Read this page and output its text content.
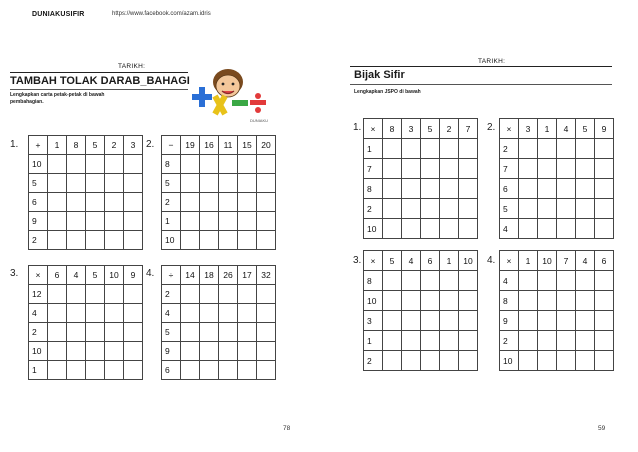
DUNIAKUSIFIR	https://www.facebook.com/azam.idris
TARIKH:
TAMBAH TOLAK DARAB_BAHAGI
Lengkapkan carta petak-petak di bawah
pembahagian.
DUNIAKU
1. +	1	8	5	2	3
10					
5					
6					
9					
2					
2. −	19	16	11	15	20
8					
5					
2					
1					
10					
3. ×	6	4	5	10	9
12					
4					
2					
10					
1					
4. ÷	14	18	26	17	32
2					
4					
5					
9					
6					
78
TARIKH:
Bijak Sifir
Lengkapkan JSPO di bawah
1. ×	8	3	5	2	7
1					
7					
8					
2					
10					
2. ×	3	1	4	5	9
2					
7					
6					
5					
4					
3. ×	5	4	6	1	10
8					
10					
3					
1					
2					
4. ×	1	10	7	4	6
4					
8					
9					
2					
10					
59
